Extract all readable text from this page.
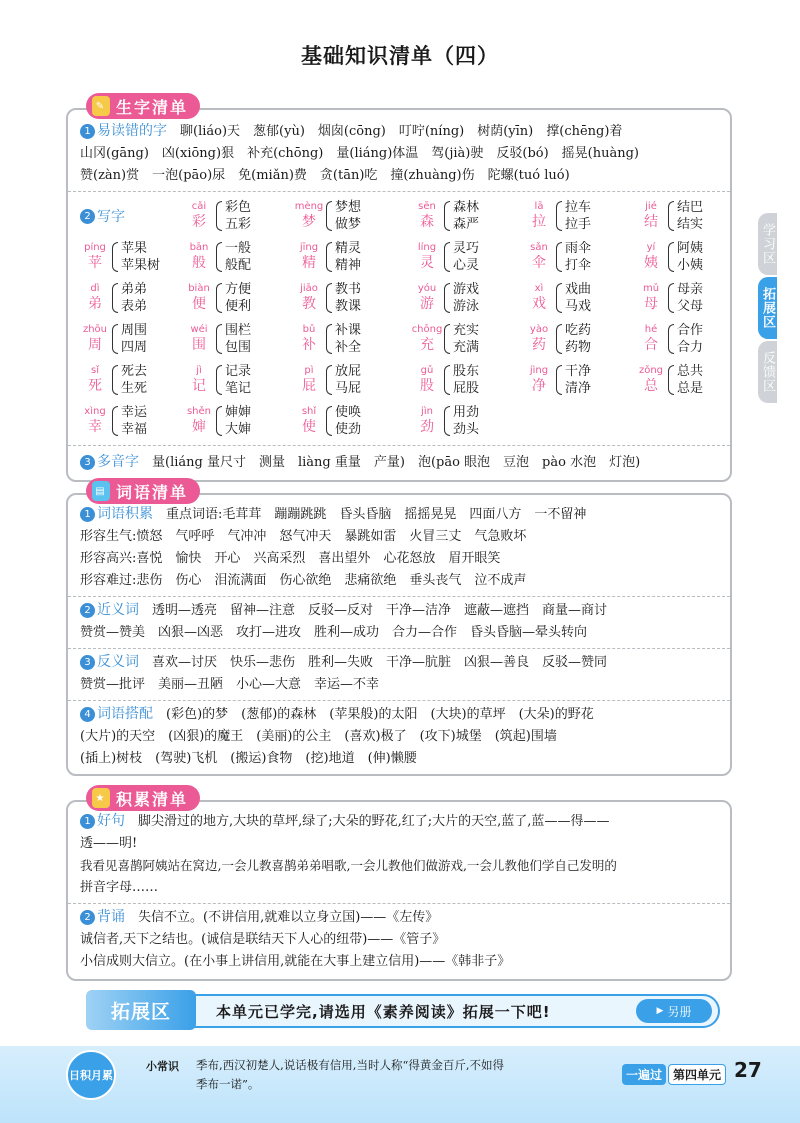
基础知识清单（四）
学习区
拓展区
反馈区
✎ 生字清单
1 易读错的字　 聊(liáo)天　葱郁(yù)　烟囱(cōng)　叮咛(níng)　树荫(yīn)　撑(chēng)着
山冈(gāng)　凶(xiōng)狠　补充(chōng)　量(liáng)体温　驾(jià)驶　反驳(bó)　摇晃(huàng)
赞(zàn)赏　一泡(pāo)尿　免(miǎn)费　贪(tān)吃　撞(zhuàng)伤　陀螺(tuó luó)
2 写字
cǎi
彩
彩色
五彩
mèng
梦
梦想
做梦
sēn
森
森林
森严
lā
拉
拉车
拉手
jié
结
结巴
结实
píng
苹
苹果
苹果树
bān
般
一般
般配
jīng
精
精灵
精神
líng
灵
灵巧
心灵
sǎn
伞
雨伞
打伞
yí
姨
阿姨
小姨
dì
弟
弟弟
表弟
biàn
便
方便
便利
jiāo
教
教书
教课
yóu
游
游戏
游泳
xì
戏
戏曲
马戏
mǔ
母
母亲
父母
zhōu
周
周围
四周
wéi
围
围栏
包围
bǔ
补
补课
补全
chōng
充
充实
充满
yào
药
吃药
药物
hé
合
合作
合力
sǐ
死
死去
生死
jì
记
记录
笔记
pì
屁
放屁
马屁
gǔ
股
股东
屁股
jìng
净
干净
清净
zǒng
总
总共
总是
xìng
幸
幸运
幸福
shěn
婶
婶婶
大婶
shǐ
使
使唤
使劲
jìn
劲
用劲
劲头
3 多音字　 量(liáng 量尺寸　测量　liàng 重量　产量)　泡(pāo 眼泡　豆泡　pào 水泡　灯泡)
▤ 词语清单
1 词语积累　 重点词语:毛茸茸　蹦蹦跳跳　昏头昏脑　摇摇晃晃　四面八方　一不留神
形容生气:愤怒　气呼呼　气冲冲　怒气冲天　暴跳如雷　火冒三丈　气急败坏
形容高兴:喜悦　愉快　开心　兴高采烈　喜出望外　心花怒放　眉开眼笑
形容难过:悲伤　伤心　泪流满面　伤心欲绝　悲痛欲绝　垂头丧气　泣不成声
2 近义词　 透明—透亮　留神—注意　反驳—反对　干净—洁净　遮蔽—遮挡　商量—商讨
赞赏—赞美　凶狠—凶恶　攻打—进攻　胜利—成功　合力—合作　昏头昏脑—晕头转向
3 反义词　 喜欢—讨厌　快乐—悲伤　胜利—失败　干净—肮脏　凶狠—善良　反驳—赞同
赞赏—批评　美丽—丑陋　小心—大意　幸运—不幸
4 词语搭配　 (彩色)的梦　(葱郁)的森林　(苹果般)的太阳　(大块)的草坪　(大朵)的野花
(大片)的天空　(凶狠)的魔王　(美丽)的公主　(喜欢)极了　(攻下)城堡　(筑起)围墙
(插上)树枝　(驾驶)飞机　(搬运)食物　(挖)地道　(伸)懒腰
★ 积累清单
1 好句　 脚尖滑过的地方,大块的草坪,绿了;大朵的野花,红了;大片的天空,蓝了,蓝——得——
透——明!
我看见喜鹊阿姨站在窝边,一会儿教喜鹊弟弟唱歌,一会儿教他们做游戏,一会儿教他们学自己发明的
拼音字母……
2 背诵　 失信不立。(不讲信用,就难以立身立国)——《左传》
诚信者,天下之结也。(诚信是联结天下人心的纽带)——《管子》
小信成则大信立。(在小事上讲信用,就能在大事上建立信用)——《韩非子》
拓展区	本单元已学完,请选用《素养阅读》拓展一下吧!	▶ 另册
日积月累
小常识 季布,西汉初楚人,说话极有信用,当时人称“得黄金百斤,不如得
季布一诺”。
一遍过 第四单元 27
